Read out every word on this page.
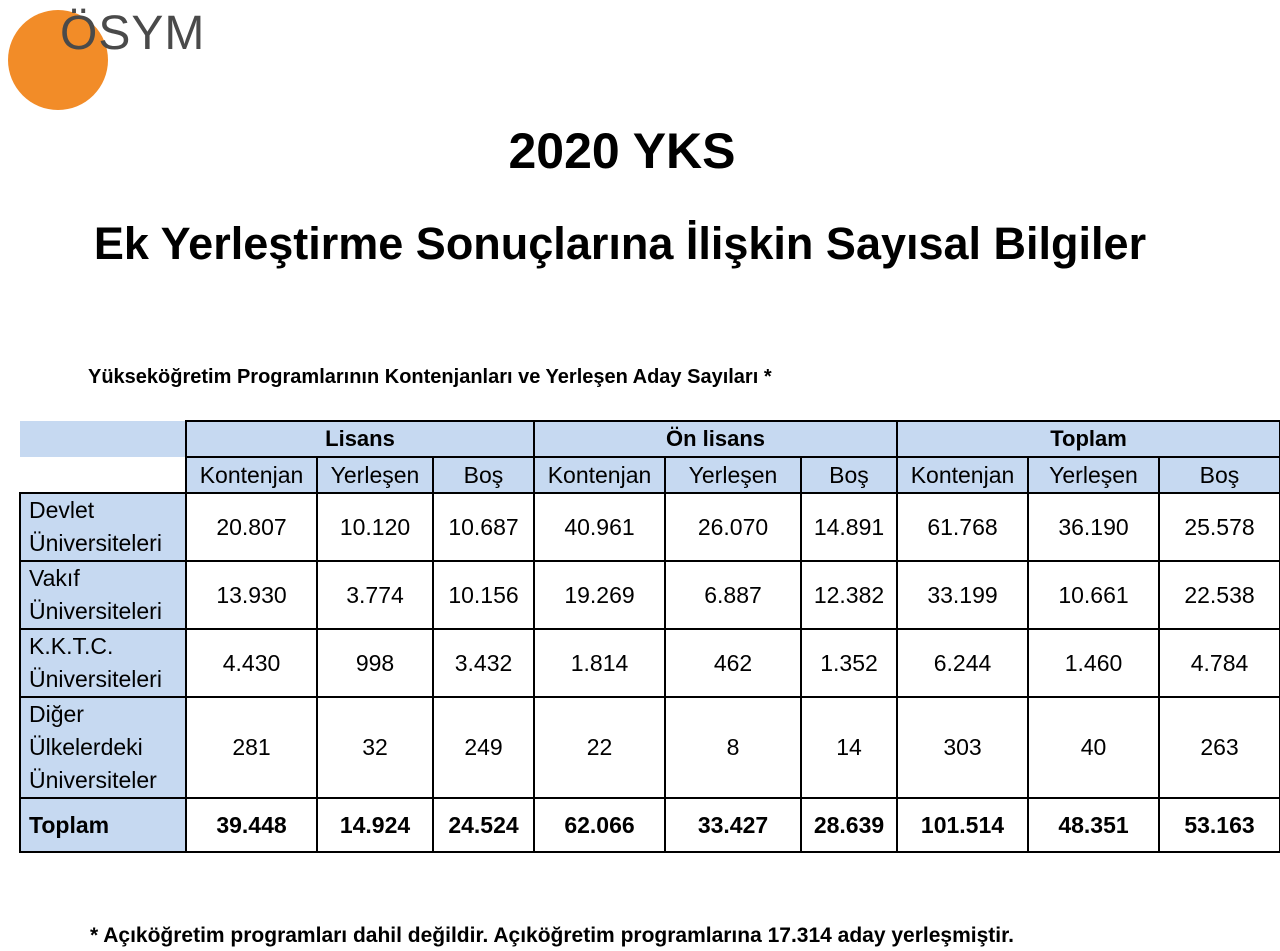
ÖSYM
2020 YKS
Ek Yerleştirme Sonuçlarına İlişkin Sayısal Bilgiler
Yükseköğretim Programlarının Kontenjanları ve Yerleşen Aday Sayıları *
	Lisans			Ön lisans			Toplam		
	Kontenjan	Yerleşen	Boş	Kontenjan	Yerleşen	Boş	Kontenjan	Yerleşen	Boş
Devlet Üniversiteleri	20.807	10.120	10.687	40.961	26.070	14.891	61.768	36.190	25.578
Vakıf Üniversiteleri	13.930	3.774	10.156	19.269	6.887	12.382	33.199	10.661	22.538
K.K.T.C. Üniversiteleri	4.430	998	3.432	1.814	462	1.352	6.244	1.460	4.784
Diğer Ülkelerdeki Üniversiteler	281	32	249	22	8	14	303	40	263
Toplam	39.448	14.924	24.524	62.066	33.427	28.639	101.514	48.351	53.163
* Açıköğretim programları dahil değildir. Açıköğretim programlarına 17.314 aday yerleşmiştir.
